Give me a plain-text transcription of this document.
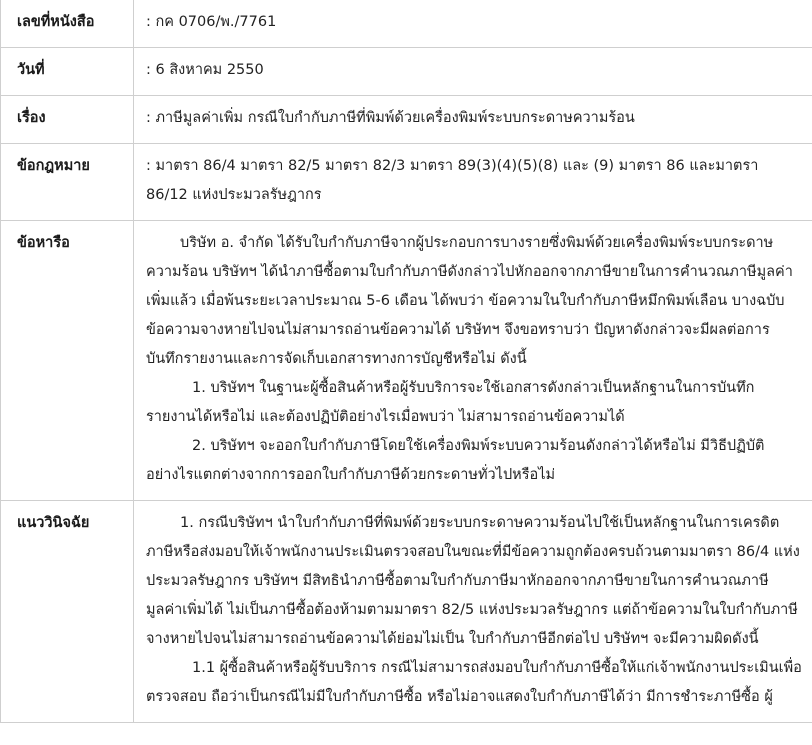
เลขที่หนังสือ	: กค 0706/พ./7761
วันที่	: 6 สิงหาคม 2550
เรื่อง	: ภาษีมูลค่าเพิ่ม กรณีใบกำกับภาษีที่พิมพ์ด้วยเครื่องพิมพ์ระบบกระดาษความร้อน
ข้อกฎหมาย	: มาตรา 86/4 มาตรา 82/5 มาตรา 82/3 มาตรา 89(3)(4)(5)(8) และ (9) มาตรา 86 และมาตรา 86/12 แห่งประมวลรัษฎากร
ข้อหารือ	บริษัท อ. จำกัด ได้รับใบกำกับภาษีจากผู้ประกอบการบางรายซึ่งพิมพ์ด้วยเครื่องพิมพ์ระบบกระดาษความร้อน บริษัทฯ ได้นำภาษีซื้อตามใบกำกับภาษีดังกล่าวไปหักออกจากภาษีขายในการคำนวณภาษีมูลค่าเพิ่มแล้ว เมื่อพ้นระยะเวลาประมาณ 5-6 เดือน ได้พบว่า ข้อความในใบกำกับภาษีหมึกพิมพ์เลือน บางฉบับข้อความจางหายไปจนไม่สามารถอ่านข้อความได้ บริษัทฯ จึงขอทราบว่า ปัญหาดังกล่าวจะมีผลต่อการบันทึกรายงานและการจัดเก็บเอกสารทางการบัญชีหรือไม่ ดังนี้

1. บริษัทฯ ในฐานะผู้ซื้อสินค้าหรือผู้รับบริการจะใช้เอกสารดังกล่าวเป็นหลักฐานในการบันทึกรายงานได้หรือไม่ และต้องปฏิบัติอย่างไรเมื่อพบว่า ไม่สามารถอ่านข้อความได้

2. บริษัทฯ จะออกใบกำกับภาษีโดยใช้เครื่องพิมพ์ระบบความร้อนดังกล่าวได้หรือไม่ มีวิธีปฏิบัติอย่างไรแตกต่างจากการออกใบกำกับภาษีด้วยกระดาษทั่วไปหรือไม่

แนววินิจฉัย	1. กรณีบริษัทฯ นำใบกำกับภาษีที่พิมพ์ด้วยระบบกระดาษความร้อนไปใช้เป็นหลักฐานในการเครดิตภาษีหรือส่งมอบให้เจ้าพนักงานประเมินตรวจสอบในขณะที่มีข้อความถูกต้องครบถ้วนตามมาตรา 86/4 แห่งประมวลรัษฎากร บริษัทฯ มีสิทธินำภาษีซื้อตามใบกำกับภาษีมาหักออกจากภาษีขายในการคำนวณภาษีมูลค่าเพิ่มได้ ไม่เป็นภาษีซื้อต้องห้ามตามมาตรา 82/5 แห่งประมวลรัษฎากร แต่ถ้าข้อความในใบกำกับภาษีจางหายไปจนไม่สามารถอ่านข้อความได้ย่อมไม่เป็น ใบกำกับภาษีอีกต่อไป บริษัทฯ จะมีความผิดดังนี้

1.1 ผู้ซื้อสินค้าหรือผู้รับบริการ กรณีไม่สามารถส่งมอบใบกำกับภาษีซื้อให้แก่เจ้าพนักงานประเมินเพื่อตรวจสอบ ถือว่าเป็นกรณีไม่มีใบกำกับภาษีซื้อ หรือไม่อาจแสดงใบกำกับภาษีได้ว่า มีการชำระภาษีซื้อ ผู้
